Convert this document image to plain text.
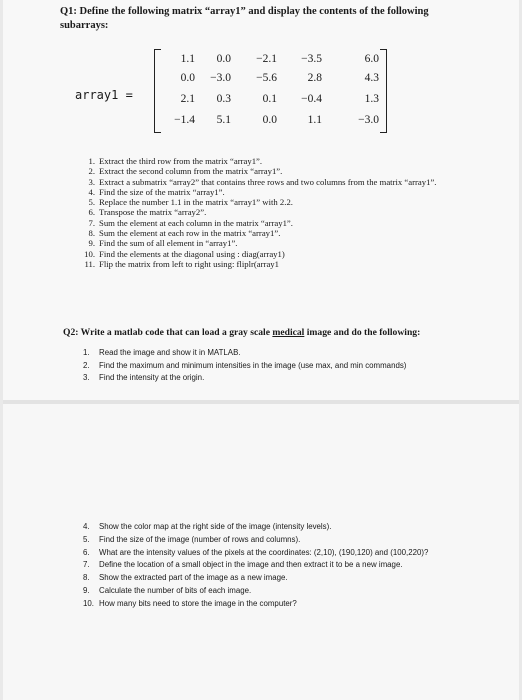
Q1: Define the following matrix “array1” and display the contents of the following
subarrays:
array1 =
1.1 0.0 −2.1 −3.5	6.0
0.0 −3.0 −5.6	2.8	4.3
2.1 0.3	0.1 −0.4	1.3
−1.4 5.1	0.0	1.1	−3.0
1. Extract the third row from the matrix “array1”.
2. Extract the second column from the matrix “array1”.
3. Extract a submatrix “array2” that contains three rows and two columns from the matrix “array1”.
4. Find the size of the matrix “array1”.
5. Replace the number 1.1 in the matrix “array1” with 2.2.
6. Transpose the matrix “array2”.
7. Sum the element at each column in the matrix “array1”.
8. Sum the element at each row in the matrix “array1”.
9. Find the sum of all element in “array1”.
10. Find the elements at the diagonal using : diag(array1)
11. Flip the matrix from left to right using: fliplr(array1
Q2: Write a matlab code that can load a gray scale medical image and do the following:
1. Read the image and show it in MATLAB.
2. Find the maximum and minimum intensities in the image (use max, and min commands)
3. Find the intensity at the origin.
4. Show the color map at the right side of the image (intensity levels).
5. Find the size of the image (number of rows and columns).
6. What are the intensity values of the pixels at the coordinates: (2,10), (190,120) and (100,220)?
7. Define the location of a small object in the image and then extract it to be a new image.
8. Show the extracted part of the image as a new image.
9. Calculate the number of bits of each image.
10. How many bits need to store the image in the computer?
